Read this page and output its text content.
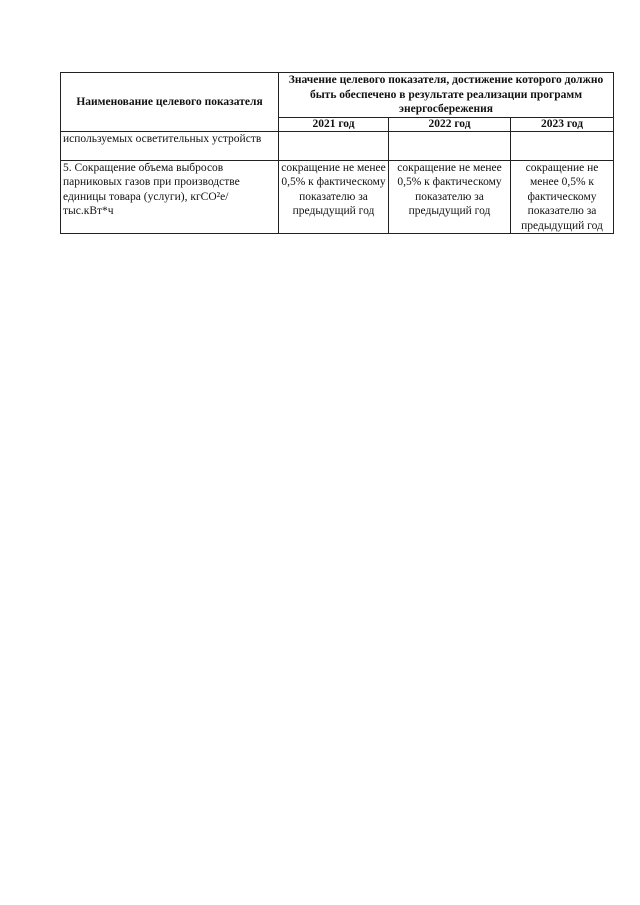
Наименование целевого показателя	Значение целевого показателя, достижение которого должно быть обеспечено в результате реализации программ энергосбережения		
	2021 год	2022 год	2023 год
используемых осветительных устройств			
5. Сокращение объема выбросов парниковых газов при производстве единицы товара (услуги), кгCO²е/тыс.кВт*ч	сокращение не менее 0,5% к фактическому показателю за предыдущий год	сокращение не менее 0,5% к фактическому показателю за предыдущий год	сокращение не менее 0,5% к фактическому показателю за предыдущий год
